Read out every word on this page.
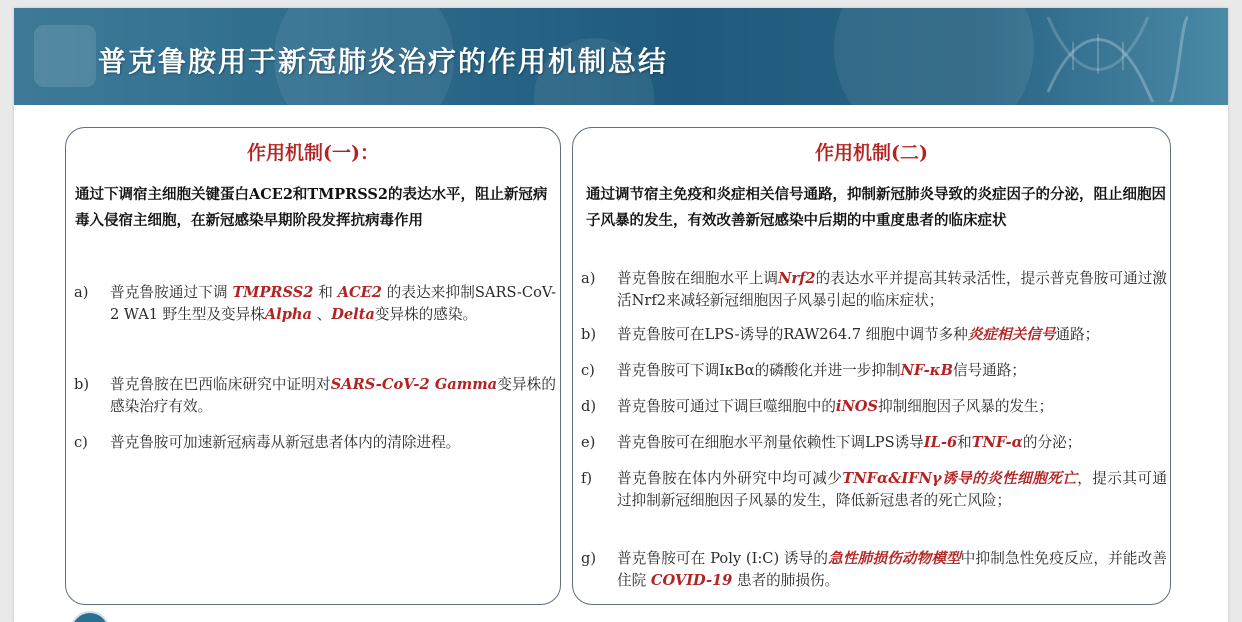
普克鲁胺用于新冠肺炎治疗的作用机制总结
作用机制(一)：
通过下调宿主细胞关键蛋白ACE2和TMPRSS2的表达水平，阻止新冠病毒入侵宿主细胞，在新冠感染早期阶段发挥抗病毒作用
a) 普克鲁胺通过下调 TMPRSS2 和 ACE2 的表达来抑制SARS-CoV-2 WA1 野生型及变异株Alpha 、Delta变异株的感染。
b) 普克鲁胺在巴西临床研究中证明对SARS-CoV-2 Gamma变异株的感染治疗有效。
c) 普克鲁胺可加速新冠病毒从新冠患者体内的清除进程。
作用机制(二)
通过调节宿主免疫和炎症相关信号通路，抑制新冠肺炎导致的炎症因子的分泌，阻止细胞因子风暴的发生，有效改善新冠感染中后期的中重度患者的临床症状
a) 普克鲁胺在细胞水平上调Nrf2的表达水平并提高其转录活性，提示普克鲁胺可通过激活Nrf2来减轻新冠细胞因子风暴引起的临床症状；
b) 普克鲁胺可在LPS-诱导的RAW264.7 细胞中调节多种炎症相关信号通路；
c) 普克鲁胺可下调IκBα的磷酸化并进一步抑制NF-κB信号通路；
d) 普克鲁胺可通过下调巨噬细胞中的iNOS抑制细胞因子风暴的发生；
e) 普克鲁胺可在细胞水平剂量依赖性下调LPS诱导IL-6和TNF-α的分泌；
f) 普克鲁胺在体内外研究中均可减少TNFα&IFNγ诱导的炎性细胞死亡，提示其可通过抑制新冠细胞因子风暴的发生，降低新冠患者的死亡风险；
g) 普克鲁胺可在 Poly (I:C) 诱导的急性肺损伤动物模型中抑制急性免疫反应，并能改善住院 COVID-19 患者的肺损伤。
